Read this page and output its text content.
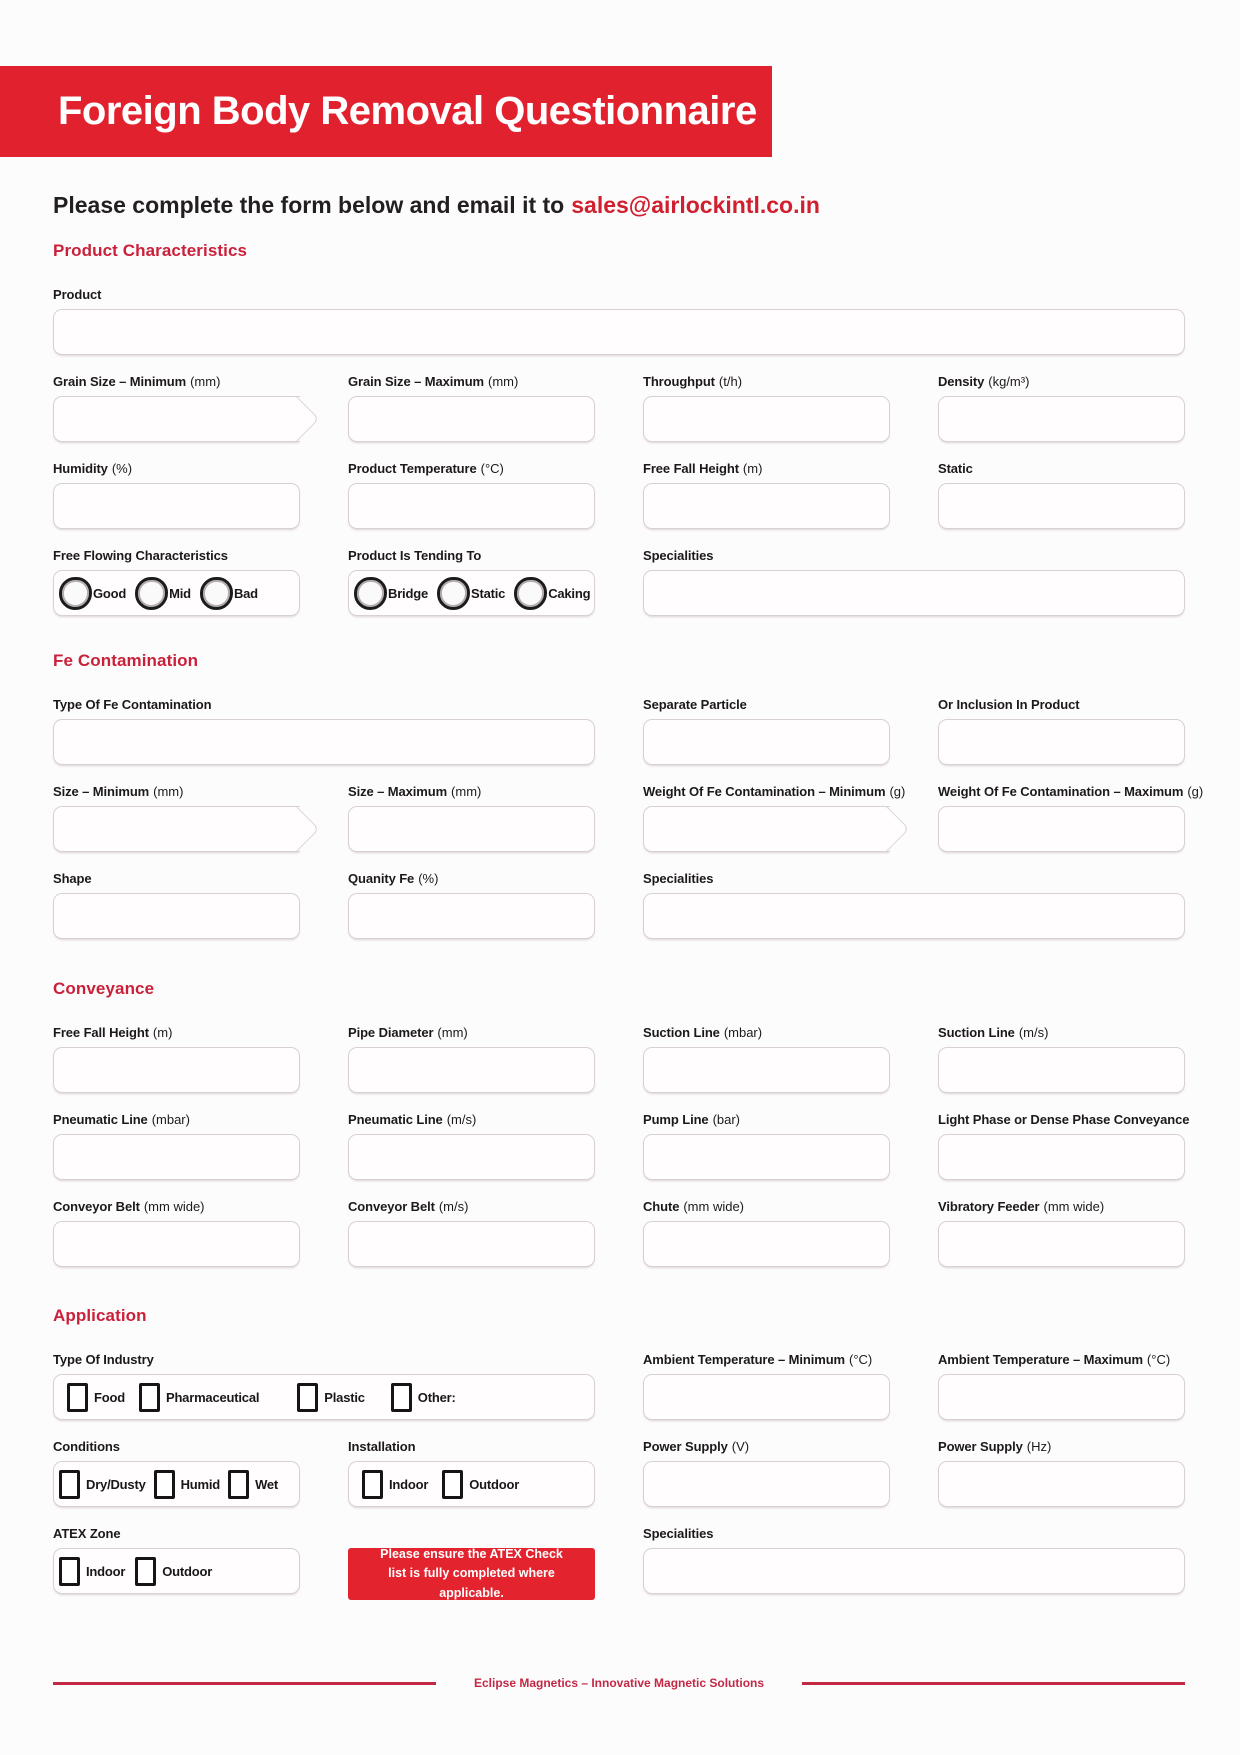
Foreign Body Removal Questionnaire
Please complete the form below and email it to sales@airlockintl.co.in
Product Characteristics
Product
Grain Size – Minimum (mm)	Grain Size – Maximum (mm)	Throughput (t/h)	Density (kg/m³)
Humidity (%)	Product Temperature (°C)	Free Fall Height (m)	Static
Free Flowing Characteristics
Good	Mid	Bad
Product Is Tending To
Bridge	Static	Caking
Specialities
Fe Contamination
Type Of Fe Contamination	Separate Particle	Or Inclusion In Product
Size – Minimum (mm)	Size – Maximum (mm)	Weight Of Fe Contamination – Minimum (g)	Weight Of Fe Contamination – Maximum (g)
Shape	Quanity Fe (%)	Specialities
Conveyance
Free Fall Height (m)	Pipe Diameter (mm)	Suction Line (mbar)	Suction Line (m/s)
Pneumatic Line (mbar)	Pneumatic Line (m/s)	Pump Line (bar)	Light Phase or Dense Phase Conveyance
Conveyor Belt (mm wide)	Conveyor Belt (m/s)	Chute (mm wide)	Vibratory Feeder (mm wide)
Application
Type Of Industry
Food	Pharmaceutical	Plastic	Other:
Ambient Temperature – Minimum (°C)	Ambient Temperature – Maximum (°C)
Conditions
Dry/Dusty	Humid	Wet
Installation
Indoor	Outdoor
Power Supply (V)	Power Supply (Hz)
ATEX Zone
Indoor	Outdoor
Please ensure the ATEX Check list is fully completed where applicable.
Specialities
Eclipse Magnetics – Innovative Magnetic Solutions
